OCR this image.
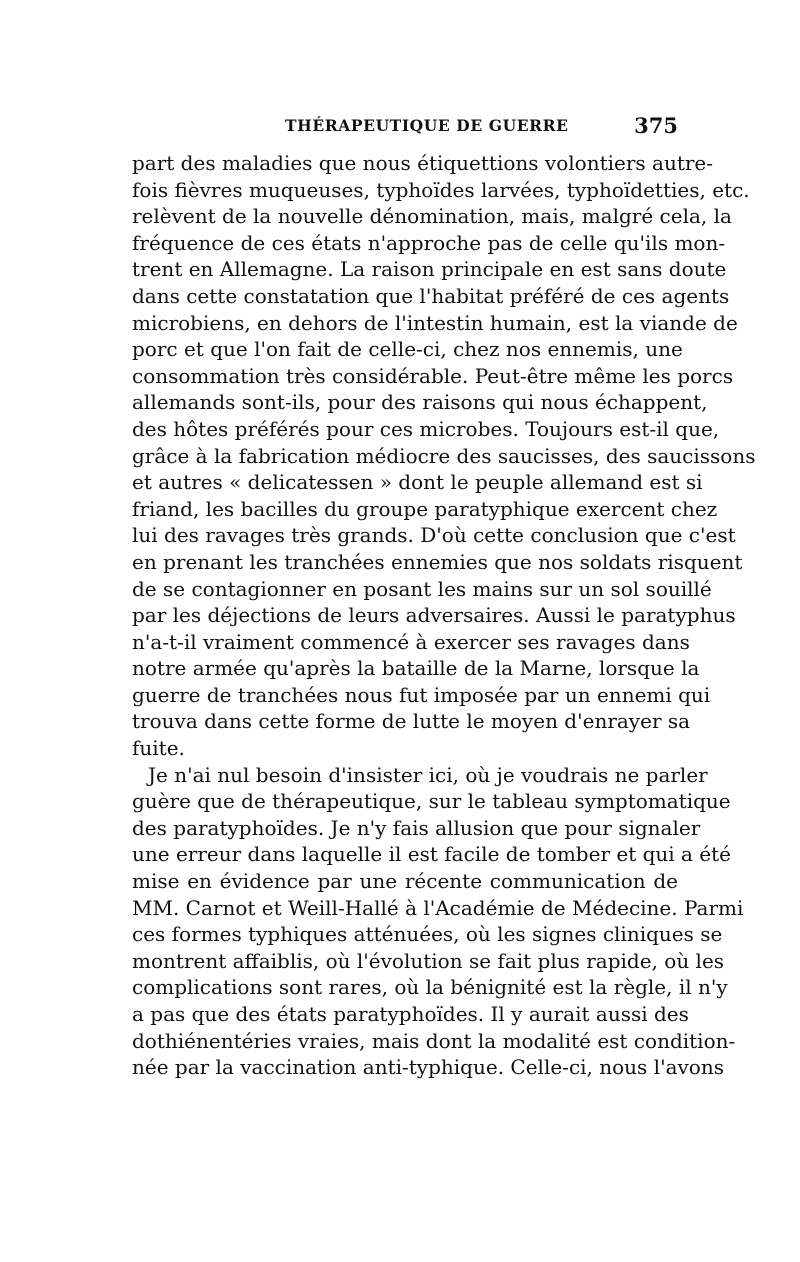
THÉRAPEUTIQUE DE GUERRE	375
part des maladies que nous étiquettions volontiers autre-
fois fièvres muqueuses, typhoïdes larvées, typhoïdetties, etc.
relèvent de la nouvelle dénomination, mais, malgré cela, la
fréquence de ces états n'approche pas de celle qu'ils mon-
trent en Allemagne. La raison principale en est sans doute
dans cette constatation que l'habitat préféré de ces agents
microbiens, en dehors de l'intestin humain, est la viande de
porc et que l'on fait de celle-ci, chez nos ennemis, une
consommation très considérable. Peut-être même les porcs
allemands sont-ils, pour des raisons qui nous échappent,
des hôtes préférés pour ces microbes. Toujours est-il que,
grâce à la fabrication médiocre des saucisses, des saucissons
et autres « delicatessen » dont le peuple allemand est si
friand, les bacilles du groupe paratyphique exercent chez
lui des ravages très grands. D'où cette conclusion que c'est
en prenant les tranchées ennemies que nos soldats risquent
de se contagionner en posant les mains sur un sol souillé
par les déjections de leurs adversaires. Aussi le paratyphus
n'a-t-il vraiment commencé à exercer ses ravages dans
notre armée qu'après la bataille de la Marne, lorsque la
guerre de tranchées nous fut imposée par un ennemi qui
trouva dans cette forme de lutte le moyen d'enrayer sa
fuite.
Je n'ai nul besoin d'insister ici, où je voudrais ne parler
guère que de thérapeutique, sur le tableau symptomatique
des paratyphoïdes. Je n'y fais allusion que pour signaler
une erreur dans laquelle il est facile de tomber et qui a été
mise en évidence par une récente communication de
MM. Carnot et Weill-Hallé à l'Académie de Médecine. Parmi
ces formes typhiques atténuées, où les signes cliniques se
montrent affaiblis, où l'évolution se fait plus rapide, où les
complications sont rares, où la bénignité est la règle, il n'y
a pas que des états paratyphoïdes. Il y aurait aussi des
dothiénentéries vraies, mais dont la modalité est condition-
née par la vaccination anti-typhique. Celle-ci, nous l'avons
